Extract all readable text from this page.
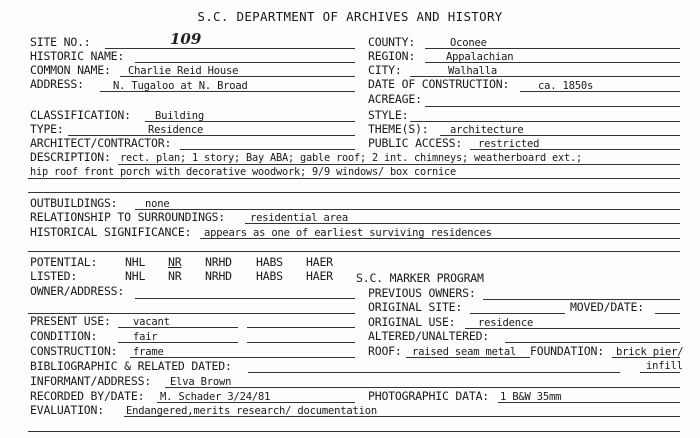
S.C. DEPARTMENT OF ARCHIVES AND HISTORY
SITE NO.:	109	COUNTY:	Oconee
HISTORIC NAME:	REGION:	Appalachian
COMMON NAME: Charlie Reid House	CITY:	Walhalla
ADDRESS:	N. Tugaloo at N. Broad	DATE OF CONSTRUCTION:	ca. 1850s
ACREAGE:
CLASSIFICATION: Building	STYLE:
TYPE:	Residence	THEME(S): architecture
ARCHITECT/CONTRACTOR:	PUBLIC ACCESS: restricted
DESCRIPTION: rect. plan; 1 story; Bay ABA; gable roof; 2 int. chimneys; weatherboard ext.;
hip roof front porch with decorative woodwork; 9/9 windows/ box cornice
OUTBUILDINGS:	none
RELATIONSHIP TO SURROUNDINGS: residential area
HISTORICAL SIGNIFICANCE: appears as one of earliest surviving residences
POTENTIAL: NHL NR NRHD HABS HAER
LISTED:	NHL NR NRHD HABS HAER S.C. MARKER PROGRAM
OWNER/ADDRESS:	PREVIOUS OWNERS:
ORIGINAL SITE:	MOVED/DATE:
PRESENT USE: vacant	ORIGINAL USE: residence
CONDITION:	fair	ALTERED/UNALTERED:
CONSTRUCTION: frame	ROOF: raised seam metal FOUNDATION: brick pier/
BIBLIOGRAPHIC & RELATED DATED:	infill
INFORMANT/ADDRESS: Elva Brown
RECORDED BY/DATE: M. Schader 3/24/81	PHOTOGRAPHIC DATA: 1 B&W 35mm
EVALUATION: Endangered,merits research/ documentation
